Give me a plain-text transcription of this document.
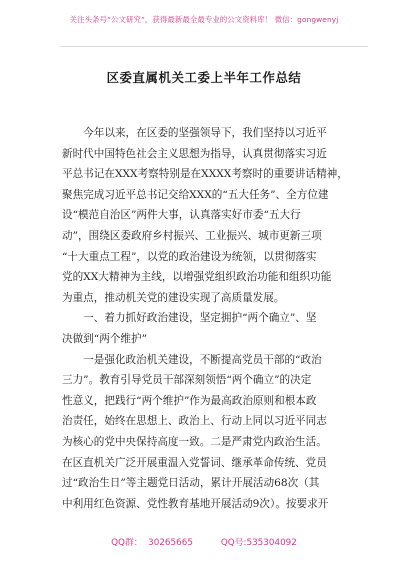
关注头条号“公文研究”，获得最新最全最专业的公文资料库！ 微信：gongwenyj
区委直属机关工委上半年工作总结
　　今年以来，在区委的坚强领导下，我们坚持以习近平
新时代中国特色社会主义思想为指导，认真贯彻落实习近
平总书记在XXX考察特别是在XXXX考察时的重要讲话精神，
聚焦完成习近平总书记交给XXX的“五大任务”、全方位建
设“模范自治区”两件大事，认真落实好市委“五大行
动”，围绕区委政府乡村振兴、工业振兴、城市更新三项
“十大重点工程”，以党的政治建设为统领，以贯彻落实
党的XX大精神为主线，以增强党组织政治功能和组织功能
为重点，推动机关党的建设实现了高质量发展。
　　一、着力抓好政治建设，坚定拥护“两个确立”、坚
决做到“两个维护”
　　一是强化政治机关建设，不断提高党员干部的“政治
三力”。教育引导党员干部深刻领悟“两个确立”的决定
性意义，把践行“两个维护”作为最高政治原则和根本政
治责任，始终在思想上、政治上、行动上同以习近平同志
为核心的党中央保持高度一致。二是严肃党内政治生活。
在区直机关广泛开展重温入党誓词、继承革命传统、党员
过“政治生日”等主题党日活动，累计开展活动68次（其
中利用红色资源、党性教育基地开展活动9次）。按要求开
QQ群：  30265665          QQ号:535304092
